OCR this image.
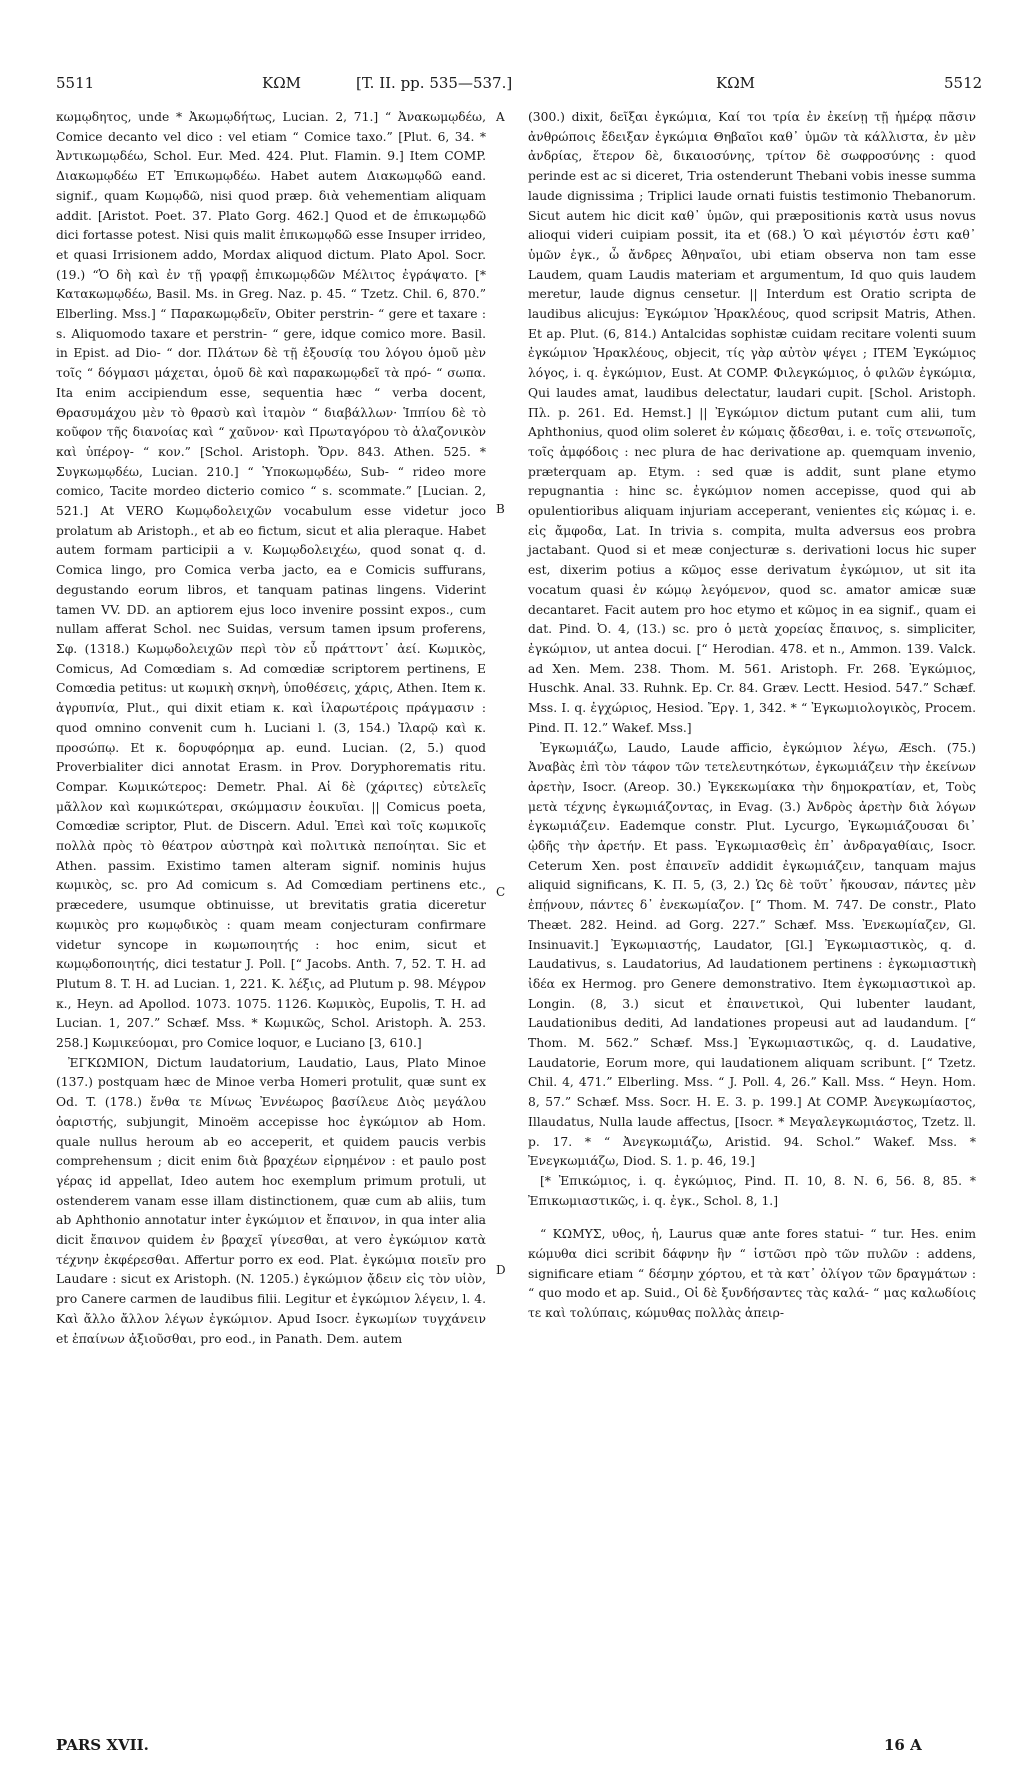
5511	ΚΩΜ	[T. II. pp. 535—537.]	ΚΩΜ	5512

κωμῳδητος, unde * Ἀκωμῳδήτως, Lucian. 2, 71.] “ Ἀνακωμῳδέω, Comice decanto vel dico : vel etiam “ Comice taxo.” [Plut. 6, 34. * Ἀντικωμῳδέω, Schol. Eur. Med. 424. Plut. Flamin. 9.] Item COMP. Διακωμῳδέω ET Ἐπικωμῳδέω. Habet autem Διακωμῳδῶ eand. signif., quam Κωμῳδῶ, nisi quod præp. διὰ vehementiam aliquam addit. [Aristot. Poet. 37. Plato Gorg. 462.] Quod et de ἐπικωμῳδῶ dici fortasse potest. Nisi quis malit ἐπικωμῳδῶ esse Insuper irrideo, et quasi Irrisionem addo, Mordax aliquod dictum. Plato Apol. Socr. (19.) “Ὁ δὴ καὶ ἐν τῇ γραφῇ ἐπικωμῳδῶν Μέλιτος ἐγράψατο. [* Κατακωμῳδέω, Basil. Ms. in Greg. Naz. p. 45. “ Tzetz. Chil. 6, 870.” Elberling. Mss.] “ Παρακωμῳδεῖν, Obiter perstrin- “ gere et taxare : s. Aliquomodo taxare et perstrin- “ gere, idque comico more. Basil. in Epist. ad Dio- “ dor. Πλάτων δὲ τῇ ἐξουσίᾳ του λόγου ὁμοῦ μὲν τοῖς “ δόγμασι μάχεται, ὁμοῦ δὲ καὶ παρακωμῳδεῖ τὰ πρό- “ σωπα. Ita enim accipiendum esse, sequentia hæc “ verba docent, Θρασυμάχου μὲν τὸ θρασὺ καὶ ἰταμὸν “ διαβάλλων· Ἱππίου δὲ τὸ κοῦφον τῆς διανοίας καὶ “ χαῦνον· καὶ Πρωταγόρου τὸ ἀλαζονικὸν καὶ ὑπέρογ- “ κον.” [Schol. Aristoph. Ὄρν. 843. Athen. 525. * Συγκωμῳδέω, Lucian. 210.] “ Ὑποκωμῳδέω, Sub- “ rideo more comico, Tacite mordeo dicterio comico “ s. scommate.” [Lucian. 2, 521.] At VERO Κωμῳδολειχῶν vocabulum esse videtur joco prolatum ab Aristoph., et ab eo fictum, sicut et alia pleraque. Habet autem formam participii a v. Κωμῳδολειχέω, quod sonat q. d. Comica lingo, pro Comica verba jacto, ea e Comicis suffurans, degustando eorum libros, et tanquam patinas lingens. Viderint tamen VV. DD. an aptiorem ejus loco invenire possint expos., cum nullam afferat Schol. nec Suidas, versum tamen ipsum proferens, Σφ. (1318.) Κωμῳδολειχῶν περὶ τὸν εὖ πράττοντ᾽ ἀεί. Κωμικὸς, Comicus, Ad Comœdiam s. Ad comœdiæ scriptorem pertinens, E Comœdia petitus: ut κωμικὴ σκηνὴ, ὑποθέσεις, χάρις, Athen. Item κ. ἀγρυπνία, Plut., qui dixit etiam κ. καὶ ἱλαρωτέροις πράγμασιν : quod omnino convenit cum h. Luciani l. (3, 154.) Ἰλαρῷ καὶ κ. προσώπῳ. Et κ. δορυφόρημα ap. eund. Lucian. (2, 5.) quod Proverbialiter dici annotat Erasm. in Prov. Doryphorematis ritu. Compar. Κωμικώτερος: Demetr. Phal. Αἱ δὲ (χάριτες) εὐτελεῖς μᾶλλον καὶ κωμικώτεραι, σκώμμασιν ἐοικυῖαι. || Comicus poeta, Comœdiæ scriptor, Plut. de Discern. Adul. Ἐπεὶ καὶ τοῖς κωμικοῖς πολλὰ πρὸς τὸ θέατρον αὐστηρὰ καὶ πολιτικὰ πεποίηται. Sic et Athen. passim. Existimo tamen alteram signif. nominis hujus κωμικὸς, sc. pro Ad comicum s. Ad Comœdiam pertinens etc., præcedere, usumque obtinuisse, ut brevitatis gratia diceretur κωμικὸς pro κωμῳδικὸς : quam meam conjecturam confirmare videtur syncope in κωμωποιητής : hoc enim, sicut et κωμῳδοποιητής, dici testatur J. Poll. [“ Jacobs. Anth. 7, 52. T. H. ad Plutum 8. T. H. ad Lucian. 1, 221. K. λέξις, ad Plutum p. 98. Μέγρον κ., Heyn. ad Apollod. 1073. 1075. 1126. Κωμικὸς, Eupolis, T. H. ad Lucian. 1, 207.” Schæf. Mss. * Κωμικῶς, Schol. Aristoph. Ἀ. 253. 258.] Κωμικεύομαι, pro Comice loquor, e Luciano [3, 610.]

ἘΓΚΩΜΙΟΝ, Dictum laudatorium, Laudatio, Laus, Plato Minoe (137.) postquam hæc de Minoe verba Homeri protulit, quæ sunt ex Od. T. (178.) ἔνθα τε Μίνως Ἐννέωρος βασίλευε Διὸς μεγάλου ὀαριστής, subjungit, Minoëm accepisse hoc ἐγκώμιον ab Hom. quale nullus heroum ab eo acceperit, et quidem paucis verbis comprehensum ; dicit enim διὰ βραχέων εἰρημένον : et paulo post γέρας id appellat, Ideo autem hoc exemplum primum protuli, ut ostenderem vanam esse illam distinctionem, quæ cum ab aliis, tum ab Aphthonio annotatur inter ἐγκώμιον et ἔπαινον, in qua inter alia dicit ἔπαινον quidem ἐν βραχεῖ γίνεσθαι, at vero ἐγκώμιον κατὰ τέχνην ἐκφέρεσθαι. Affertur porro ex eod. Plat. ἐγκώμια ποιεῖν pro Laudare : sicut ex Aristoph. (N. 1205.) ἐγκώμιον ᾄδειν εἰς τὸν υἱὸν, pro Canere carmen de laudibus filii. Legitur et ἐγκώμιον λέγειν, l. 4. Καὶ ἄλλο ἄλλον λέγων ἐγκώμιον. Apud Isocr. ἐγκωμίων τυγχάνειν et ἐπαίνων ἀξιοῦσθαι, pro eod., in Panath. Dem. autem

A
B
C
D

(300.) dixit, δεῖξαι ἐγκώμια, Καί τοι τρία ἐν ἐκείνῃ τῇ ἡμέρᾳ πᾶσιν ἀνθρώποις ἔδειξαν ἐγκώμια Θηβαῖοι καθ᾽ ὑμῶν τὰ κάλλιστα, ἐν μὲν ἀνδρίας, ἕτερον δὲ, δικαιοσύνης, τρίτον δὲ σωφροσύνης : quod perinde est ac si diceret, Tria ostenderunt Thebani vobis inesse summa laude dignissima ; Triplici laude ornati fuistis testimonio Thebanorum. Sicut autem hic dicit καθ᾽ ὑμῶν, qui præpositionis κατὰ usus novus alioqui videri cuipiam possit, ita et (68.) Ὁ καὶ μέγιστόν ἐστι καθ᾽ ὑμῶν ἐγκ., ὦ ἄνδρες Ἀθηναῖοι, ubi etiam observa non tam esse Laudem, quam Laudis materiam et argumentum, Id quo quis laudem meretur, laude dignus censetur. || Interdum est Oratio scripta de laudibus alicujus: Ἐγκώμιον Ἡρακλέους, quod scripsit Matris, Athen. Et ap. Plut. (6, 814.) Antalcidas sophistæ cuidam recitare volenti suum ἐγκώμιον Ἡρακλέους, objecit, τίς γὰρ αὐτὸν ψέγει ; ITEM Ἐγκώμιος λόγος, i. q. ἐγκώμιον, Eust. At COMP. Φιλεγκώμιος, ὁ φιλῶν ἐγκώμια, Qui laudes amat, laudibus delectatur, laudari cupit. [Schol. Aristoph. Πλ. p. 261. Ed. Hemst.] || Ἐγκώμιον dictum putant cum alii, tum Aphthonius, quod olim soleret ἐν κώμαις ᾄδεσθαι, i. e. τοῖς στενωποῖς, τοῖς ἀμφόδοις : nec plura de hac derivatione ap. quemquam invenio, præterquam ap. Etym. : sed quæ is addit, sunt plane etymo repugnantia : hinc sc. ἐγκώμιον nomen accepisse, quod qui ab opulentioribus aliquam injuriam acceperant, venientes εἰς κώμας i. e. εἰς ἄμφοδα, Lat. In trivia s. compita, multa adversus eos probra jactabant. Quod si et meæ conjecturæ s. derivationi locus hic super est, dixerim potius a κῶμος esse derivatum ἐγκώμιον, ut sit ita vocatum quasi ἐν κώμῳ λεγόμενον, quod sc. amator amicæ suæ decantaret. Facit autem pro hoc etymo et κῶμος in ea signif., quam ei dat. Pind. Ὀ. 4, (13.) sc. pro ὁ μετὰ χορείας ἔπαινος, s. simpliciter, ἐγκώμιον, ut antea docui. [“ Herodian. 478. et n., Ammon. 139. Valck. ad Xen. Mem. 238. Thom. M. 561. Aristoph. Fr. 268. Ἐγκώμιος, Huschk. Anal. 33. Ruhnk. Ep. Cr. 84. Græv. Lectt. Hesiod. 547.” Schæf. Mss. I. q. ἐγχώριος, Hesiod. Ἔργ. 1, 342. * “ Ἐγκωμιολογικὸς, Procem. Pind. Π. 12.” Wakef. Mss.]

Ἐγκωμιάζω, Laudo, Laude afficio, ἐγκώμιον λέγω, Æsch. (75.) Ἀναβὰς ἐπὶ τὸν τάφον τῶν τετελευτηκότων, ἐγκωμιάζειν τὴν ἐκείνων ἀρετὴν, Isocr. (Areop. 30.) Ἐγκεκωμίακα τὴν δημοκρατίαν, et, Τοὺς μετὰ τέχνης ἐγκωμιάζοντας, in Evag. (3.) Ἀνδρὸς ἀρετὴν διὰ λόγων ἐγκωμιάζειν. Eademque constr. Plut. Lycurgo, Ἐγκωμιάζουσαι δι᾽ ᾠδῆς τὴν ἀρετήν. Et pass. Ἐγκωμιασθεὶς ἐπ᾽ ἀνδραγαθίαις, Isocr. Ceterum Xen. post ἐπαινεῖν addidit ἐγκωμιάζειν, tanquam majus aliquid significans, K. Π. 5, (3, 2.) Ὡς δὲ τοῦτ᾽ ἤκουσαν, πάντες μὲν ἐπῄνουν, πάντες δ᾽ ἐνεκωμίαζον. [“ Thom. M. 747. De constr., Plato Theæt. 282. Heind. ad Gorg. 227.” Schæf. Mss. Ἐνεκωμίαζεν, Gl. Insinuavit.] Ἐγκωμιαστής, Laudator, [Gl.] Ἐγκωμιαστικὸς, q. d. Laudativus, s. Laudatorius, Ad laudationem pertinens : ἐγκωμιαστικὴ ἰδέα ex Hermog. pro Genere demonstrativo. Item ἐγκωμιαστικοὶ ap. Longin. (8, 3.) sicut et ἐπαινετικοὶ, Qui lubenter laudant, Laudationibus dediti, Ad landationes propeusi aut ad laudandum. [“ Thom. M. 562.” Schæf. Mss.] Ἐγκωμιαστικῶς, q. d. Laudative, Laudatorie, Eorum more, qui laudationem aliquam scribunt. [“ Tzetz. Chil. 4, 471.” Elberling. Mss. “ J. Poll. 4, 26.” Kall. Mss. “ Heyn. Hom. 8, 57.” Schæf. Mss. Socr. Η. Ε. 3. p. 199.] At COMP. Ἀνεγκωμίαστος, Illaudatus, Nulla laude affectus, [Isocr. * Μεγαλεγκωμιάστος, Tzetz. ll. p. 17. * “ Ἀνεγκωμιάζω, Aristid. 94. Schol.” Wakef. Mss. * Ἐνεγκωμιάζω, Diod. S. 1. p. 46, 19.]

[* Ἐπικώμιος, i. q. ἐγκώμιος, Pind. Π. 10, 8. Ν. 6, 56. 8, 85. * Ἐπικωμιαστικῶς, i. q. ἐγκ., Schol. 8, 1.]

“ ΚΩΜΥΣ, υθος, ἡ, Laurus quæ ante fores statui- “ tur. Hes. enim κώμυθα dici scribit δάφνην ἣν “ ἱστῶσι πρὸ τῶν πυλῶν : addens, significare etiam “ δέσμην χόρτου, et τὰ κατ᾽ ὀλίγον τῶν δραγμάτων : “ quo modo et ap. Suid., Οἱ δὲ ξυνδήσαντες τὰς καλά- “ μας καλωδίοις τε καὶ τολύπαις, κώμυθας πολλὰς ἀπειρ-

PARS XVII.	16 A
